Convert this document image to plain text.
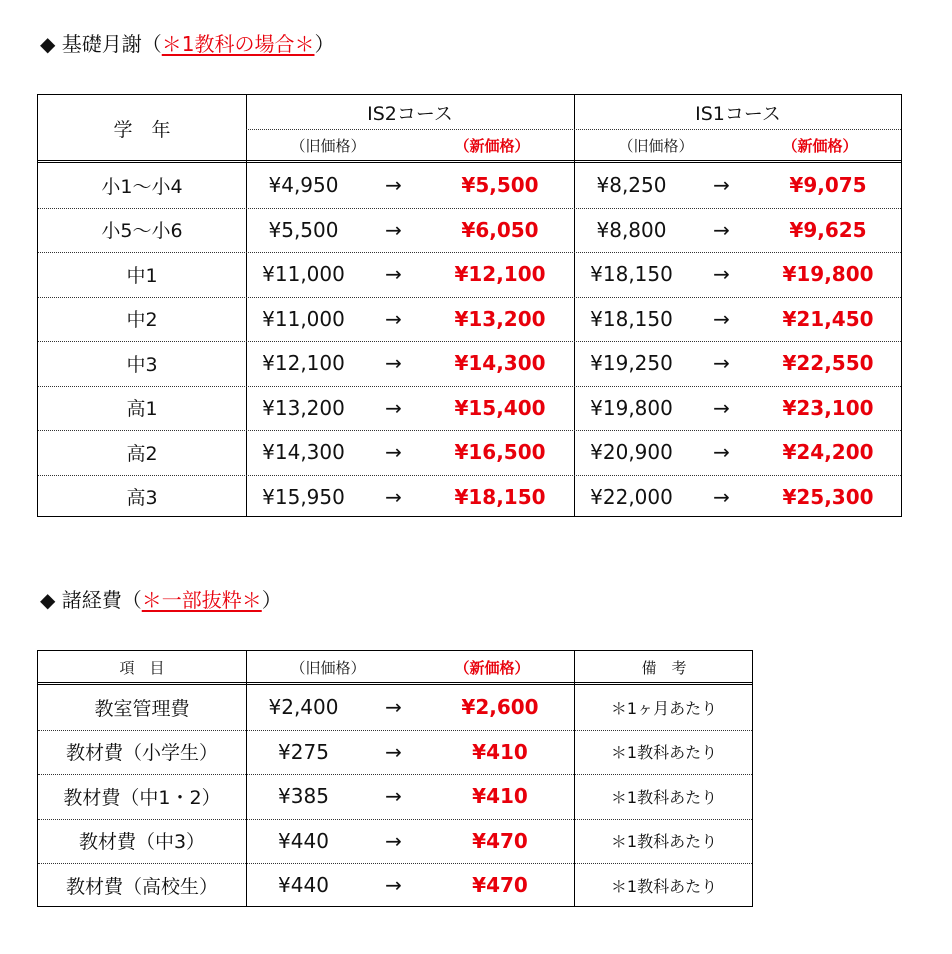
◆ 基礎月謝（＊1教科の場合＊）
学　年
IS2コース	IS1コース
（旧価格）	（新価格）	（旧価格）	（新価格）
小1〜小4	¥4,950	→	¥5,500	¥8,250	→	¥9,075
小5〜小6	¥5,500	→	¥6,050	¥8,800	→	¥9,625
中1	¥11,000	→	¥12,100	¥18,150	→	¥19,800
中2	¥11,000	→	¥13,200	¥18,150	→	¥21,450
中3	¥12,100	→	¥14,300	¥19,250	→	¥22,550
高1	¥13,200	→	¥15,400	¥19,800	→	¥23,100
高2	¥14,300	→	¥16,500	¥20,900	→	¥24,200
高3	¥15,950	→	¥18,150	¥22,000	→	¥25,300
◆ 諸経費（＊一部抜粋＊）
項　目	（旧価格）	（新価格）	備　考
教室管理費	¥2,400	→	¥2,600	＊1ヶ月あたり
教材費（小学生）	¥275	→	¥410	＊1教科あたり
教材費（中1・2）	¥385	→	¥410	＊1教科あたり
教材費（中3）	¥440	→	¥470	＊1教科あたり
教材費（高校生）	¥440	→	¥470	＊1教科あたり
